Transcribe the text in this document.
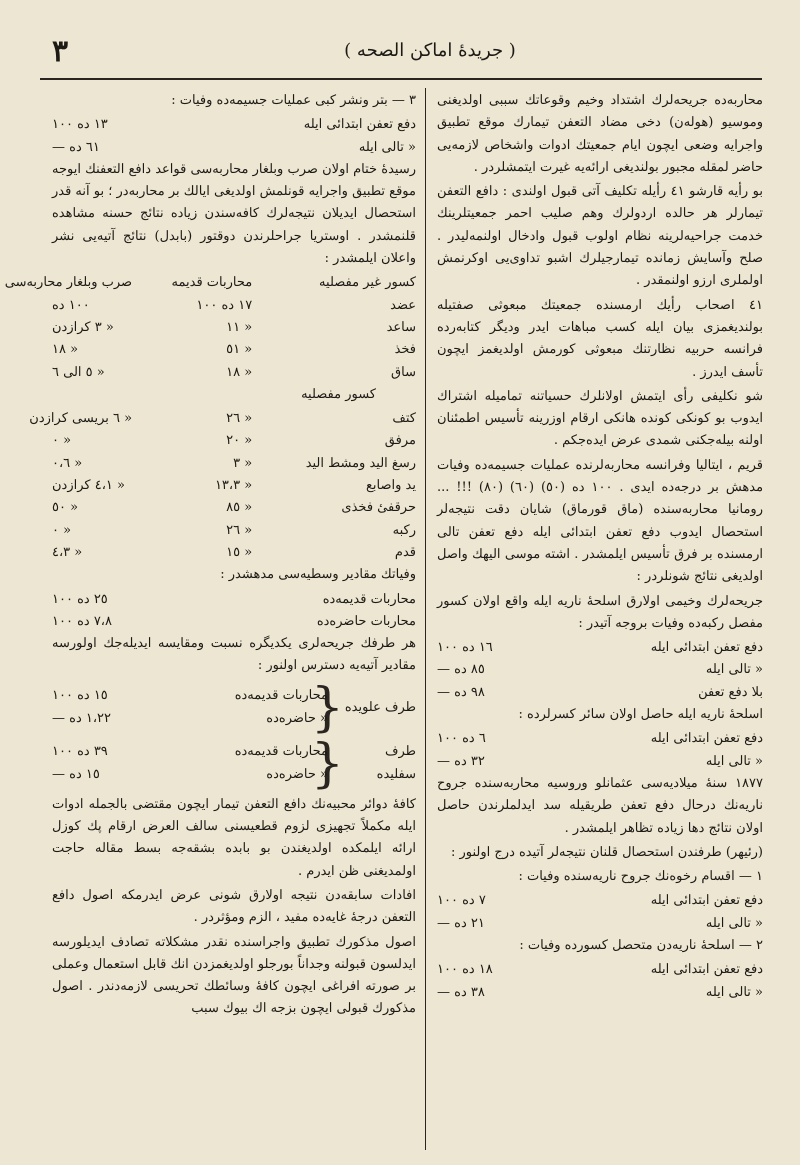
۳	( جریدهٔ اماکن الصحه )

محاربه‌ده جریحه‌لرك اشتداد وخیم وقوعاتك سببی اولدیغنی وموسیو (هوله‌ن) دخی مضاد التعفن تیمارك موقع تطبیق واجرایه وضعی ایچون ایام جمعیتك ادوات واشخاص لازمه‌یی حاضر لمقله مجبور بولندیغی ارائه‌یه غیرت ایتمشلردر .

بو رأیه قارشو ٤١ رأیله تکلیف آتی قبول اولندی : دافع التعفن تیمارلر هر حالده اردولرك وهم صلیب احمر جمعیتلرینك خدمت جراحیه‌لرینه نظام اولوب قبول وادخال اولنمه‌لیدر . صلح وآسایش زمانده تیمارجیلرك اشبو تداوی‌یی اوكرنمش اولملری ارزو اولنمقدر .

٤١ اصحاب رأیك ارمسنده جمعیتك مبعوثی صفتیله بولندیغمزی بیان ایله کسب مباهات ایدر ودیگر کتابه‌رده فرانسه حربیه نظارتنك مبعوثی کورمش اولدیغمز ایچون تأسف ایدرز .

شو نکلیفی رأی ایتمش اولانلرك حسیاتنه تمامیله اشتراك ایدوب بو کونکی کونده هانكی ارقام اوزرینه تأسیس اطمئنان اولنه بیله‌جکنی شمدی عرض ایده‌جکم .

قریم ، ایتالیا وفرانسه محاربه‌لرنده عملیات جسیمه‌ده وفیات مدهش بر درجه‌ده ایدی . ١٠٠ ده (٥٠) (٦٠) (٨٠) !!! ... رومانیا محاربه‌سنده (ماق قورماق) شایان دقت نتیجه‌لر استحصال ایدوب دفع تعفن ابتدائی ایله دفع تعفن تالی ارمسنده بر فرق تأسیس ایلمشدر . اشته موسی الیهك واصل اولدیغی نتائج شونلردر :

جریحه‌لرك وخیمی اولارق اسلحهٔ ناریه ایله واقع اولان کسور مفصل رکبه‌ده وفیات بروجه آتیدر :

دفع تعفن ابتدائی ایله
١٦ ده ١٠٠
« تالی ایله
٨٥ ده —
بلا دفع تعفن
٩٨ ده —

اسلحهٔ ناریه ایله حاصل اولان سائر کسرلرده :

دفع تعفن ابتدائی ایله
٦ ده ١٠٠
« تالی ایله
٣٢ ده —

١٨٧٧ سنهٔ میلادیه‌سی عثمانلو وروسیه محاربه‌سنده جروح ناریه‌نك درحال دفع تعفن طریقیله سد ایدلملرندن حاصل اولان نتائج دها زیاده تظاهر ایلمشدر .

(رئیهر) طرفندن استحصال قلنان نتیجه‌لر آتیده درج اولنور :

١ — اقسام رخوه‌نك جروح ناریه‌سنده وفیات :

دفع تعفن ابتدائی ایله
٧ ده ١٠٠
« تالی ایله
٢١ ده —

٢ — اسلحهٔ ناریه‌دن متحصل کسورده وفیات :

دفع تعفن ابتدائی ایله
١٨ ده ١٠٠
« تالی ایله
٣٨ ده —

٣ — بتر ونشر کبی عملیات جسیمه‌ده وفیات :

دفع تعفن ابتدائی ایله
١٣ ده ١٠٠
« تالی ایله
٦١ ده —

رسیدهٔ ختام اولان صرب وبلغار محاربه‌سی قواعد دافع التعفنك ایوجه موقع تطبیق واجرایه قونلمش اولدیغی ایالك بر محاربه‌در ؛ بو آنه قدر استحصال ایدیلان نتیجه‌لرك کافه‌سندن زیاده نتائج حسنه مشاهده قلنمشدر . اوستریا جراحلرندن دوقتور (بابدل) نتائج آتیه‌یی نشر واعلان ایلمشدر :

کسور غیر مفصلیه
محاربات قدیمه
صرب وبلغار محاربه‌سی
عضد
١٧ ده ١٠٠
١٠٠ ده
ساعد
« ١١
« ٣ کرازدن
فخذ
« ٥١
« ١٨
ساق
« ١٨
« ٥ الی ٦

کسور مفصلیه

کتف
« ٢٦
« ٦ بریسی کرازدن
مرفق
« ٢٠
« ٠
رسغ الید ومشط الید
« ٣
« ٠،٦
ید واصابع
« ١٣،٣
« ٤،١ کرازدن
حرقفیٔ فخذی
« ٨٥
« ٥٠
رکبه
« ٢٦
« ٠
قدم
« ١٥
« ٤،٣

وفیاتك مقادیر وسطیه‌سی مدهشدر :

محاربات قدیمه‌ده
٢٥ ده ١٠٠
محاربات حاضره‌ده
٧،٨ ده ١٠٠

هر طرفك جریحه‌لری یکدیگره نسبت ومقایسه ایدیله‌جك اولورسه مقادیر آتیه‌یه دسترس اولنور :

طرف علویده
{
محاربات قدیمه‌ده
١٥ ده ١٠٠
« حاضره‌ده
١،٢٢ ده —
طرف سفلیده
{
محاربات قدیمه‌ده
٣٩ ده ١٠٠
« حاضره‌ده
١٥ ده —

کافهٔ دوائر محبیه‌نك دافع التعفن تیمار ایچون مقتضی بالجمله ادوات ایله مکملاً تجهیزی لزوم قطعیسنی سالف العرض ارقام پك کوزل ارائه ایلمکده اولدیغندن بو بابده بشقه‌جه بسط مقاله حاجت اولمدیغنی ظن ایدرم .

افادات سابقه‌دن نتیجه اولارق شونی عرض ایدرمکه اصول دافع التعفن درجهٔ غایه‌ده مفید ، الزم ومؤثردر .

اصول مذکورك تطبیق واجراسنده نقدر مشکلاته تصادف ایدیلورسه ایدلسون قبولنه وجداناً بورجلو اولدیغمزدن انك قابل استعمال وعملی بر صورته افراغی ایچون کافهٔ وسائطك تحریسی لازمه‌دندر . اصول مذکورك قبولی ایچون بزجه اك بیوك سبب
